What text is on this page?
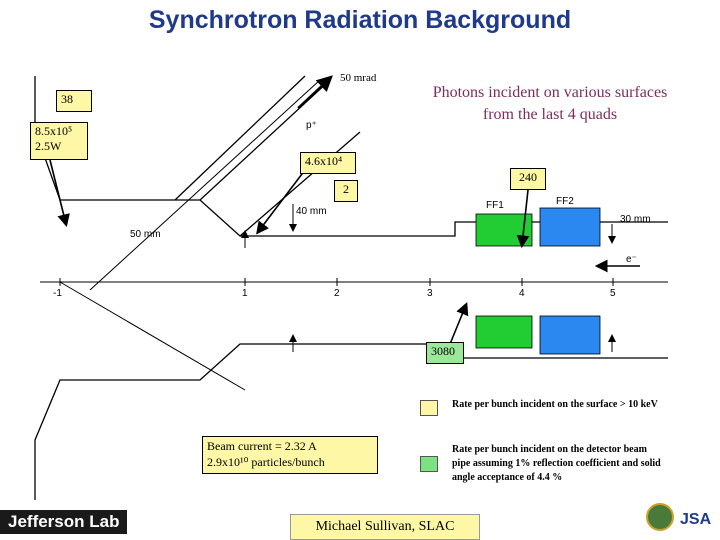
Synchrotron Radiation Background
Photons incident on various surfaces from the last 4 quads
50 mrad
38
8.5x10⁵
2.5W
4.6x10⁴
2
240
3080
p⁺
e⁻
FF1	FF2
40 mm
50 mm
30 mm
-1	1	2	3	4	5
Beam current = 2.32 A
2.9x10¹⁰ particles/bunch
Rate per bunch incident on the surface > 10 keV
Rate per bunch incident on the detector beam pipe assuming 1% reflection coefficient and solid angle acceptance of 4.4 %
Jefferson Lab	Michael Sullivan, SLAC	JSA
